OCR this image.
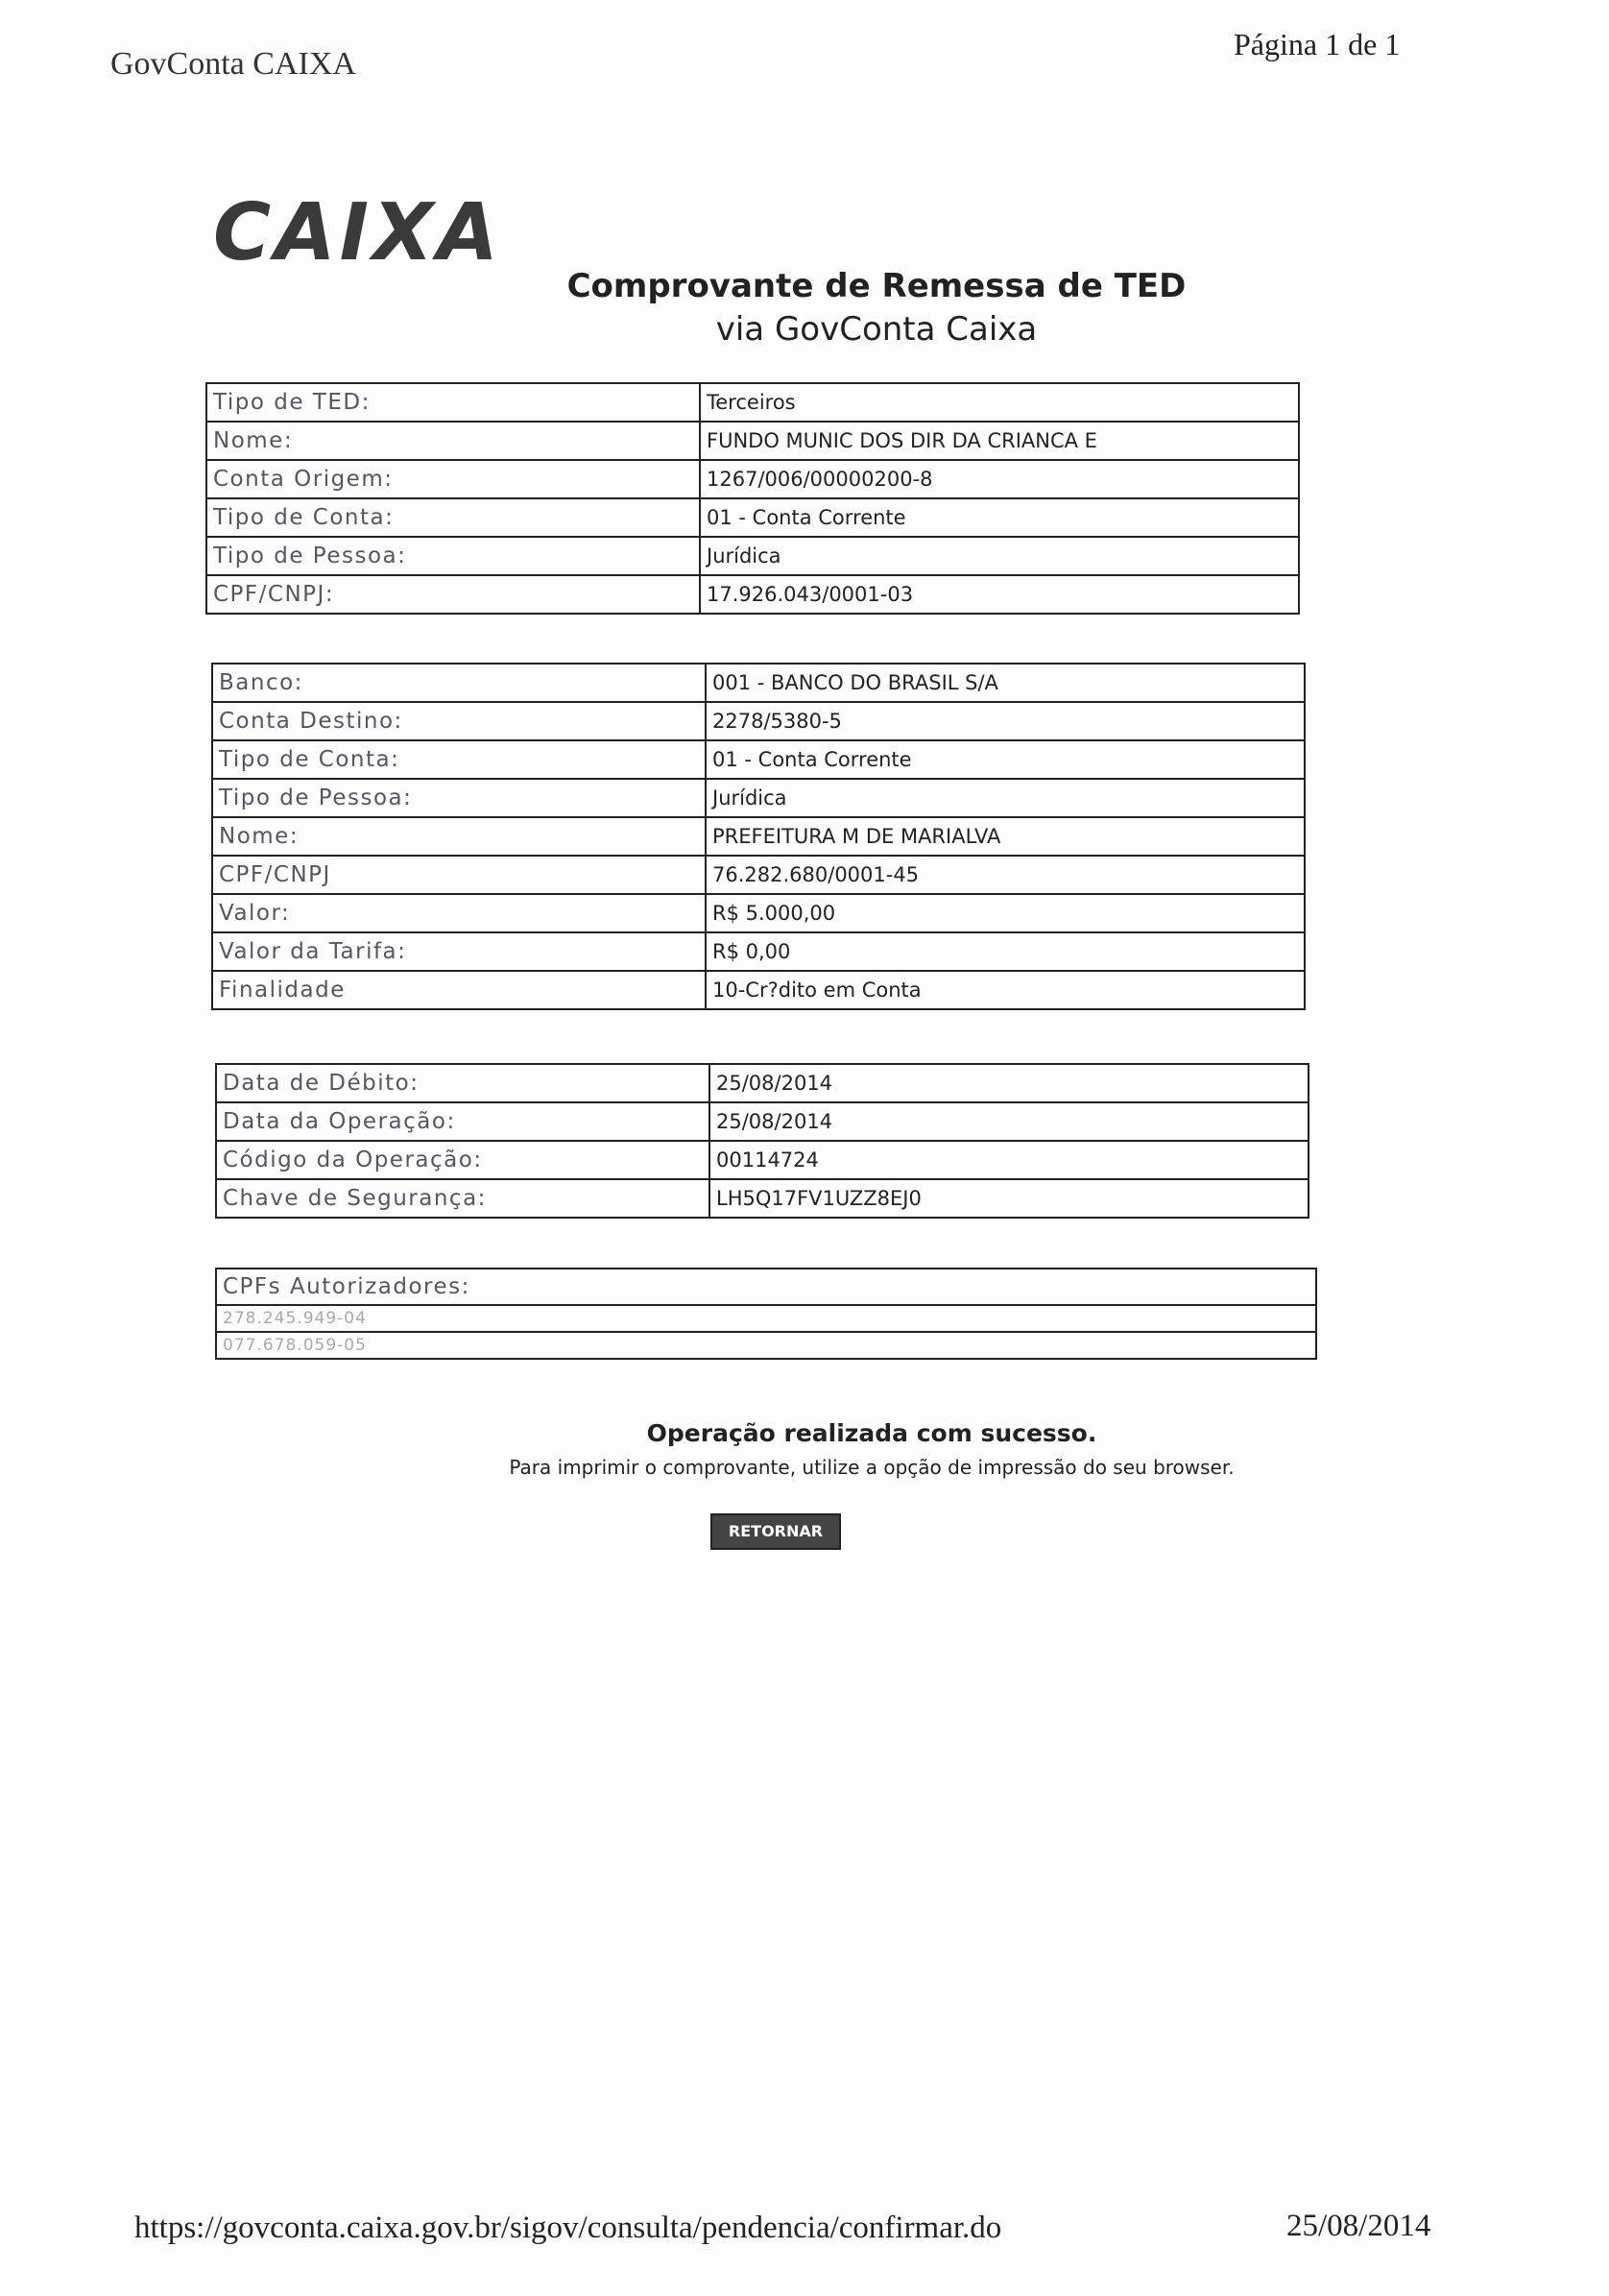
GovConta CAIXA
Página 1 de 1
CAIXA
Comprovante de Remessa de TED
via GovConta Caixa
Tipo de TED:	Terceiros
Nome:	FUNDO MUNIC DOS DIR DA CRIANCA E
Conta Origem:	1267/006/00000200-8
Tipo de Conta:	01 - Conta Corrente
Tipo de Pessoa:	Jurídica
CPF/CNPJ:	17.926.043/0001-03
Banco:	001 - BANCO DO BRASIL S/A
Conta Destino:	2278/5380-5
Tipo de Conta:	01 - Conta Corrente
Tipo de Pessoa:	Jurídica
Nome:	PREFEITURA M DE MARIALVA
CPF/CNPJ	76.282.680/0001-45
Valor:	R$ 5.000,00
Valor da Tarifa:	R$ 0,00
Finalidade	10-Cr?dito em Conta
Data de Débito:	25/08/2014
Data da Operação:	25/08/2014
Código da Operação:	00114724
Chave de Segurança:	LH5Q17FV1UZZ8EJ0
CPFs Autorizadores:
278.245.949-04
077.678.059-05
Operação realizada com sucesso.
Para imprimir o comprovante, utilize a opção de impressão do seu browser.
RETORNAR
https://govconta.caixa.gov.br/sigov/consulta/pendencia/confirmar.do	25/08/2014
